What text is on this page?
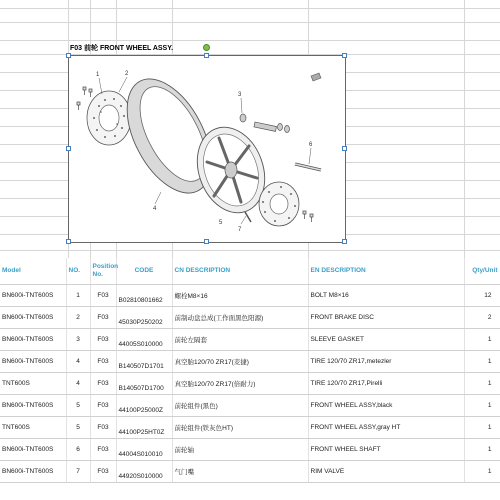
F03 前轮 FRONT WHEEL ASSY.
1	2
3
4
5
6
7
Model	NO.	Position No.	CODE	CN DESCRIPTION	EN DESCRIPTION	Qty/Unit
BN600i-TNT600S	1	F03	B02810801662	螺栓M8×16	BOLT M8×16	12
BN600i-TNT600S	2	F03	45030P250202	前制动盘总成(工作面黑色阳源)	FRONT BRAKE DISC	2
BN600i-TNT600S	3	F03	44005S010000	前轮左隔套	SLEEVE GASKET	1
BN600i-TNT600S	4	F03	B140507D1701	真空胎120/70 ZR17(麦捷)	TIRE 120/70 ZR17,metezler	1
TNT600S	4	F03	B140507D1700	真空胎120/70 ZR17(倍耐力)	TIRE 120/70 ZR17,Pirelli	1
BN600i-TNT600S	5	F03	44100P25000Z	前轮组件(黑色)	FRONT WHEEL ASSY,black	1
TNT600S	5	F03	44100P25HT0Z	前轮组件(铁灰色HT)	FRONT WHEEL ASSY,gray HT	1
BN600i-TNT600S	6	F03	44004S010010	前轮轴	FRONT WHEEL SHAFT	1
BN600i-TNT600S	7	F03	44920S010000	气门嘴	RIM VALVE	1
